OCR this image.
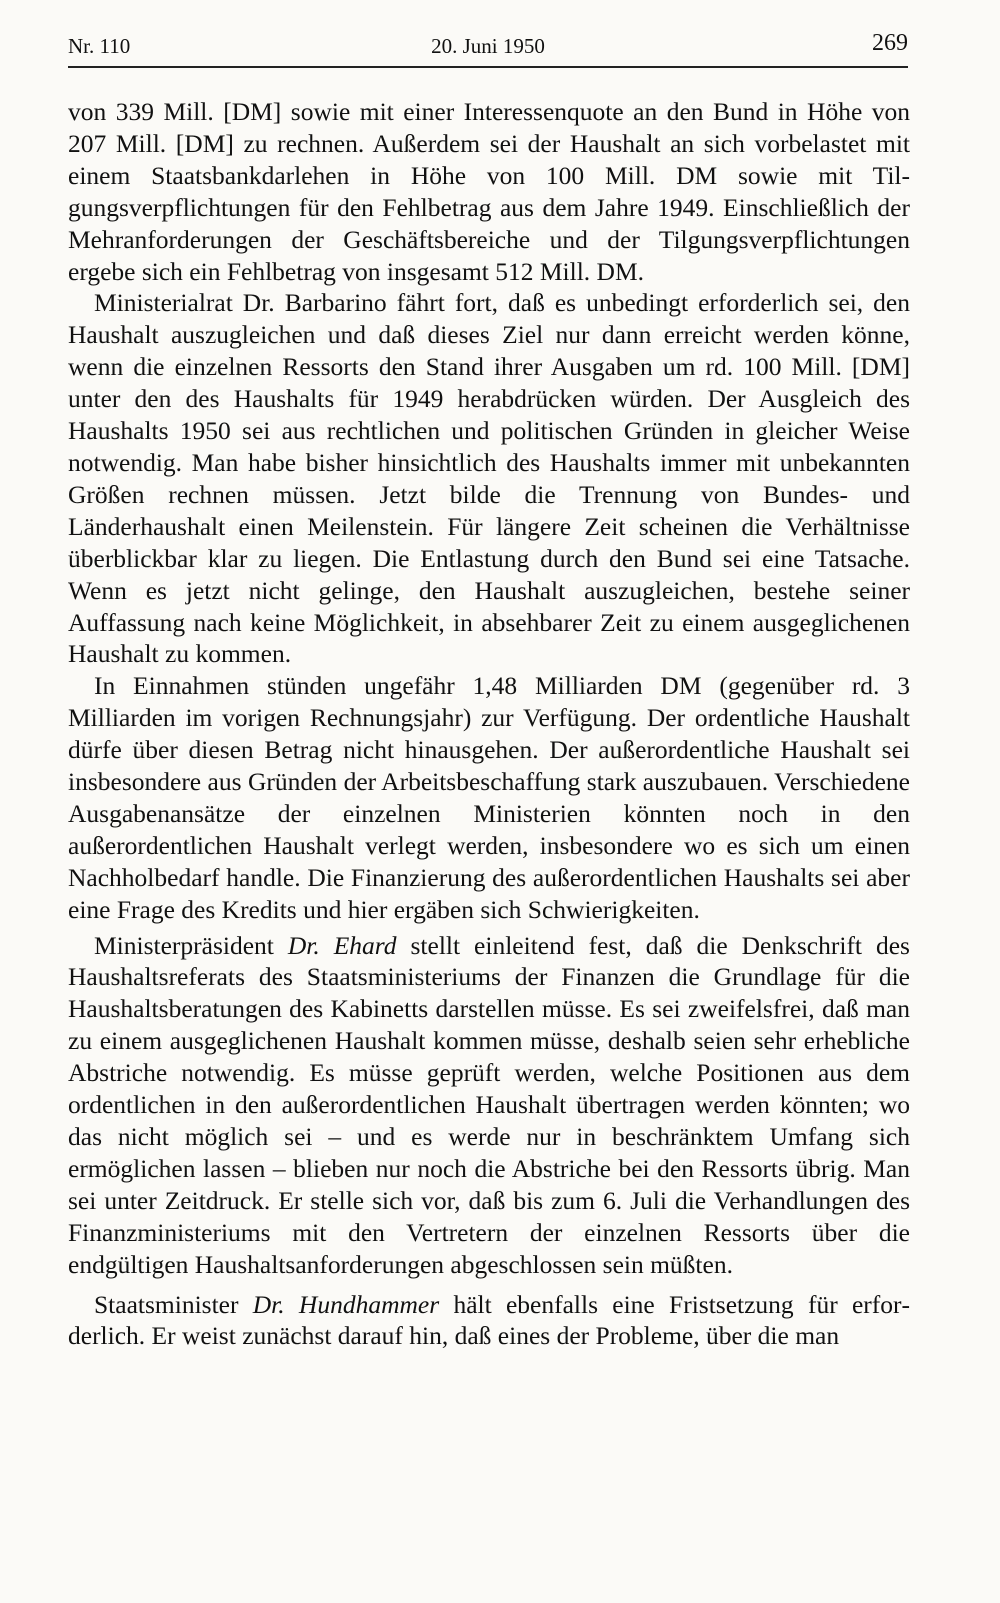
Nr. 110	20. Juni 1950	269

von 339 Mill. [DM] sowie mit einer Interessenquote an den Bund in Höhe von 207 Mill. [DM] zu rechnen. Außerdem sei der Haushalt an sich vorbelastet mit einem Staatsbankdarlehen in Höhe von 100 Mill. DM sowie mit Tilgungsverpflichtungen für den Fehlbetrag aus dem Jahre 1949. Einschließlich der Mehranforderungen der Geschäftsbereiche und der Tilgungsverpflichtungen ergebe sich ein Fehlbetrag von insgesamt 512 Mill. DM.

Ministerialrat Dr. Barbarino fährt fort, daß es unbedingt erforderlich sei, den Haushalt auszugleichen und daß dieses Ziel nur dann erreicht werden könne, wenn die einzelnen Ressorts den Stand ihrer Ausgaben um rd. 100 Mill. [DM] unter den des Haushalts für 1949 herabdrücken würden. Der Ausgleich des Haushalts 1950 sei aus rechtlichen und politischen Gründen in gleicher Weise notwendig. Man habe bisher hinsichtlich des Haushalts immer mit unbekannten Größen rechnen müssen. Jetzt bilde die Trennung von Bundes- und Länderhaushalt einen Meilenstein. Für längere Zeit scheinen die Verhältnisse überblickbar klar zu liegen. Die Entlastung durch den Bund sei eine Tatsache. Wenn es jetzt nicht gelinge, den Haushalt auszugleichen, bestehe seiner Auffassung nach keine Möglichkeit, in absehbarer Zeit zu einem ausgeglichenen Haushalt zu kommen.

In Einnahmen stünden ungefähr 1,48 Milliarden DM (gegenüber rd. 3 Milliarden im vorigen Rechnungsjahr) zur Verfügung. Der ordentliche Haushalt dürfe über diesen Betrag nicht hinausgehen. Der außerordentliche Haushalt sei insbesondere aus Gründen der Arbeitsbeschaffung stark auszubauen. Verschiedene Ausgabenansätze der einzelnen Ministerien könnten noch in den außerordentlichen Haushalt verlegt werden, insbesondere wo es sich um einen Nachholbedarf handle. Die Finanzierung des außerordentlichen Haushalts sei aber eine Frage des Kredits und hier ergäben sich Schwierigkeiten.

Ministerpräsident Dr. Ehard stellt einleitend fest, daß die Denkschrift des Haushaltsreferats des Staatsministeriums der Finanzen die Grundlage für die Haushaltsberatungen des Kabinetts darstellen müsse. Es sei zweifelsfrei, daß man zu einem ausgeglichenen Haushalt kommen müsse, deshalb seien sehr erhebliche Abstriche notwendig. Es müsse geprüft werden, welche Positionen aus dem ordentlichen in den außerordentlichen Haushalt übertragen werden könnten; wo das nicht möglich sei – und es werde nur in beschränktem Umfang sich ermöglichen lassen – blieben nur noch die Abstriche bei den Ressorts übrig. Man sei unter Zeitdruck. Er stelle sich vor, daß bis zum 6. Juli die Verhandlungen des Finanzministeriums mit den Vertretern der einzelnen Ressorts über die endgültigen Haushaltsanforderungen abgeschlossen sein müßten.

Staatsminister Dr. Hundhammer hält ebenfalls eine Fristsetzung für erforderlich. Er weist zunächst darauf hin, daß eines der Probleme, über die man
